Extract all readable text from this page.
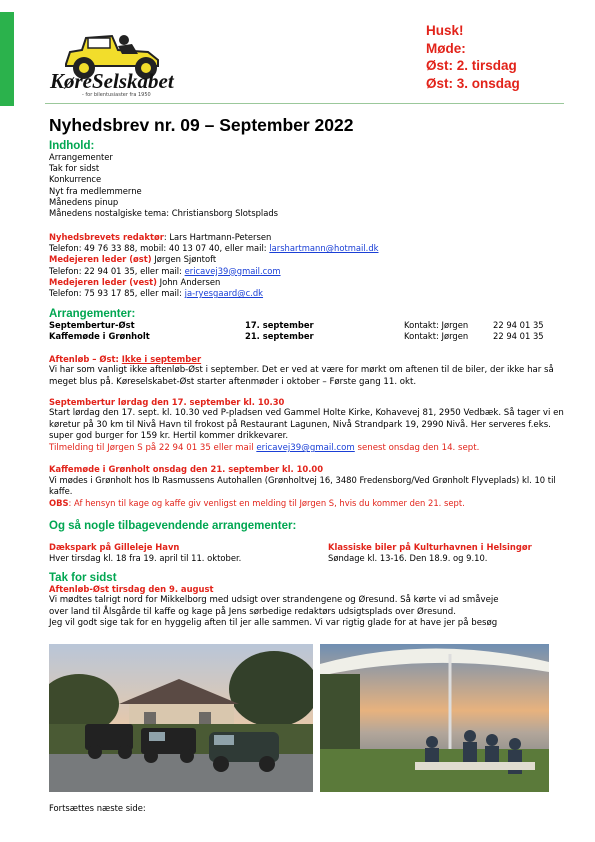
KøreSelskabet
- for bilentusiaster fra 1950
Husk!
Møde:
Øst: 2. tirsdag
Øst: 3. onsdag
Nyhedsbrev nr. 09 – September 2022
Indhold:
Arrangementer
Tak for sidst
Konkurrence
Nyt fra medlemmerne
Månedens pinup
Månedens nostalgiske tema: Christiansborg Slotsplads
Nyhedsbrevets redaktør: Lars Hartmann-Petersen
Telefon: 49 76 33 88, mobil: 40 13 07 40, eller mail: larshartmann@hotmail.dk
Medejeren leder (øst) Jørgen Sjøntoft
Telefon: 22 94 01 35, eller mail: ericavej39@gmail.com
Medejeren leder (vest) John Andersen
Telefon: 75 93 17 85, eller mail: ja-ryesgaard@c.dk
Arrangementer:
Septembertur-Øst	17. september	Kontakt: Jørgen	22 94 01 35
Kaffemøde i Grønholt	21. september	Kontakt: Jørgen	22 94 01 35
Aftenløb – Øst: Ikke i september
Vi har som vanligt ikke aftenløb-Øst i september. Det er ved at være for mørkt om aftenen til de biler, der ikke har så meget blus på. Køreselskabet-Øst starter aftenmøder i oktober – Første gang 11. okt.
Septembertur lørdag den 17. september kl. 10.30
Start lørdag den 17. sept. kl. 10.30 ved P-pladsen ved Gammel Holte Kirke, Kohavevej 81, 2950 Vedbæk. Så tager vi en køretur på 30 km til Nivå Havn til frokost på Restaurant Lagunen, Nivå Strandpark 19, 2990 Nivå. Her serveres f.eks. super god burger for 159 kr. Hertil kommer drikkevarer.
Tilmelding til Jørgen S på 22 94 01 35 eller mail ericavej39@gmail.com senest onsdag den 14. sept.
Kaffemøde i Grønholt onsdag den 21. september kl. 10.00
Vi mødes i Grønholt hos Ib Rasmussens Autohallen (Grønholtvej 16, 3480 Fredensborg/Ved Grønholt Flyveplads) kl. 10 til kaffe.
OBS: Af hensyn til kage og kaffe giv venligst en melding til Jørgen S, hvis du kommer den 21. sept.
Og så nogle tilbagevendende arrangementer:
Dækspark på Gilleleje Havn
Hver tirsdag kl. 18 fra 19. april til 11. oktober.
Klassiske biler på Kulturhavnen i Helsingør
Søndage kl. 13-16. Den 18.9. og 9.10.
Tak for sidst
Aftenløb-Øst tirsdag den 9. august
Vi mødtes talrigt nord for Mikkelborg med udsigt over strandengene og Øresund. Så kørte vi ad småveje
over land til Ålsgårde til kaffe og kage på Jens sørbedige redaktørs udsigtsplads over Øresund.
Jeg vil godt sige tak for en hyggelig aften til jer alle sammen. Vi var rigtig glade for at have jer på besøg
Fortsættes næste side:
